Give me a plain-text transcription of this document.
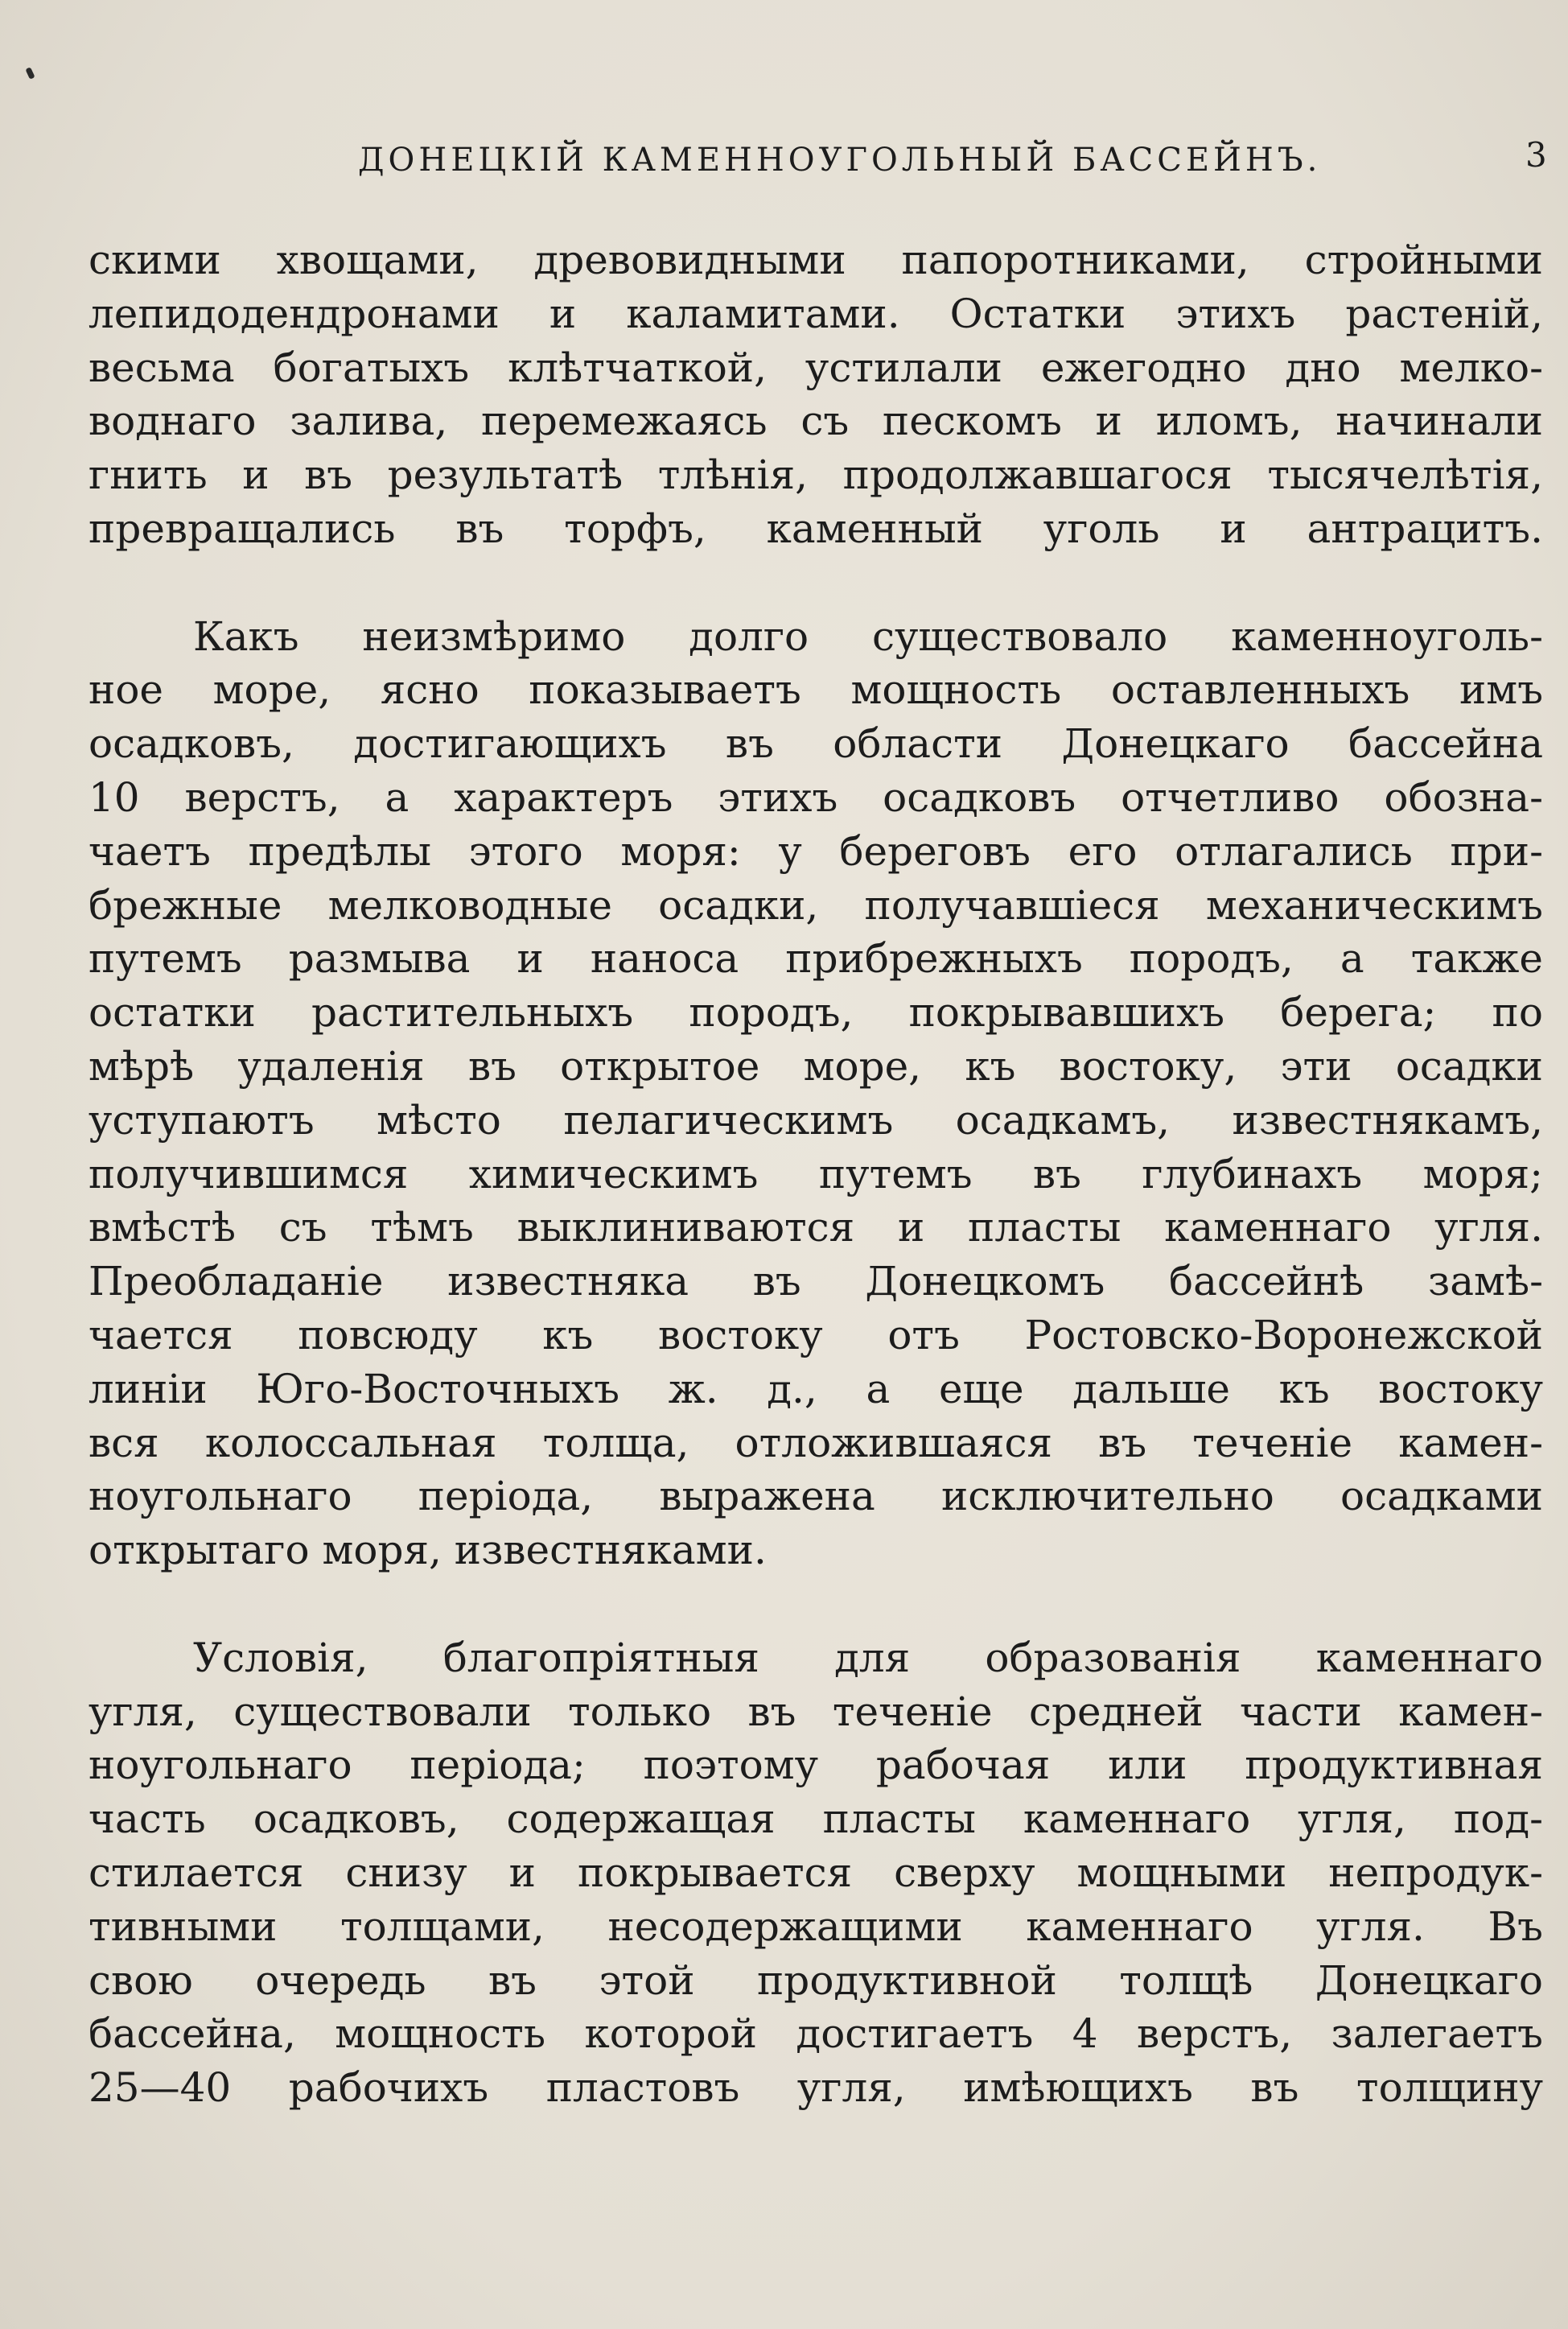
ДОНЕЦКІЙ КАМЕННОУГОЛЬНЫЙ БАССЕЙНЪ.	3
скими хвощами, древовидными папоротниками, стройными
лепидодендронами и каламитами. Остатки этихъ растеній,
весьма богатыхъ клѣтчаткой, устилали ежегодно дно мелко-
воднаго залива, перемежаясь съ пескомъ и иломъ, начинали
гнить и въ результатѣ тлѣнія, продолжавшагося тысячелѣтія,
превращались въ торфъ, каменный уголь и антрацитъ.
Какъ неизмѣримо долго существовало каменноуголь-
ное море, ясно показываетъ мощность оставленныхъ имъ
осадковъ, достигающихъ въ области Донецкаго бассейна
10 верстъ, а характеръ этихъ осадковъ отчетливо обозна-
чаетъ предѣлы этого моря: у береговъ его отлагались при-
брежные мелководные осадки, получавшіеся механическимъ
путемъ размыва и наноса прибрежныхъ породъ, а также
остатки растительныхъ породъ, покрывавшихъ берега; по
мѣрѣ удаленія въ открытое море, къ востоку, эти осадки
уступаютъ мѣсто пелагическимъ осадкамъ, известнякамъ,
получившимся химическимъ путемъ въ глубинахъ моря;
вмѣстѣ съ тѣмъ выклиниваются и пласты каменнаго угля.
Преобладаніе известняка въ Донецкомъ бассейнѣ замѣ-
чается повсюду къ востоку отъ Ростовско-Воронежской
линіи Юго-Восточныхъ ж. д., а еще дальше къ востоку
вся колоссальная толща, отложившаяся въ теченіе камен-
ноугольнаго періода, выражена исключительно осадками
открытаго моря, известняками.
Условія, благопріятныя для образованія каменнаго
угля, существовали только въ теченіе средней части камен-
ноугольнаго періода; поэтому рабочая или продуктивная
часть осадковъ, содержащая пласты каменнаго угля, под-
стилается снизу и покрывается сверху мощными непродук-
тивными толщами, несодержащими каменнаго угля. Въ
свою очередь въ этой продуктивной толщѣ Донецкаго
бассейна, мощность которой достигаетъ 4 верстъ, залегаетъ
25—40 рабочихъ пластовъ угля, имѣющихъ въ толщину
